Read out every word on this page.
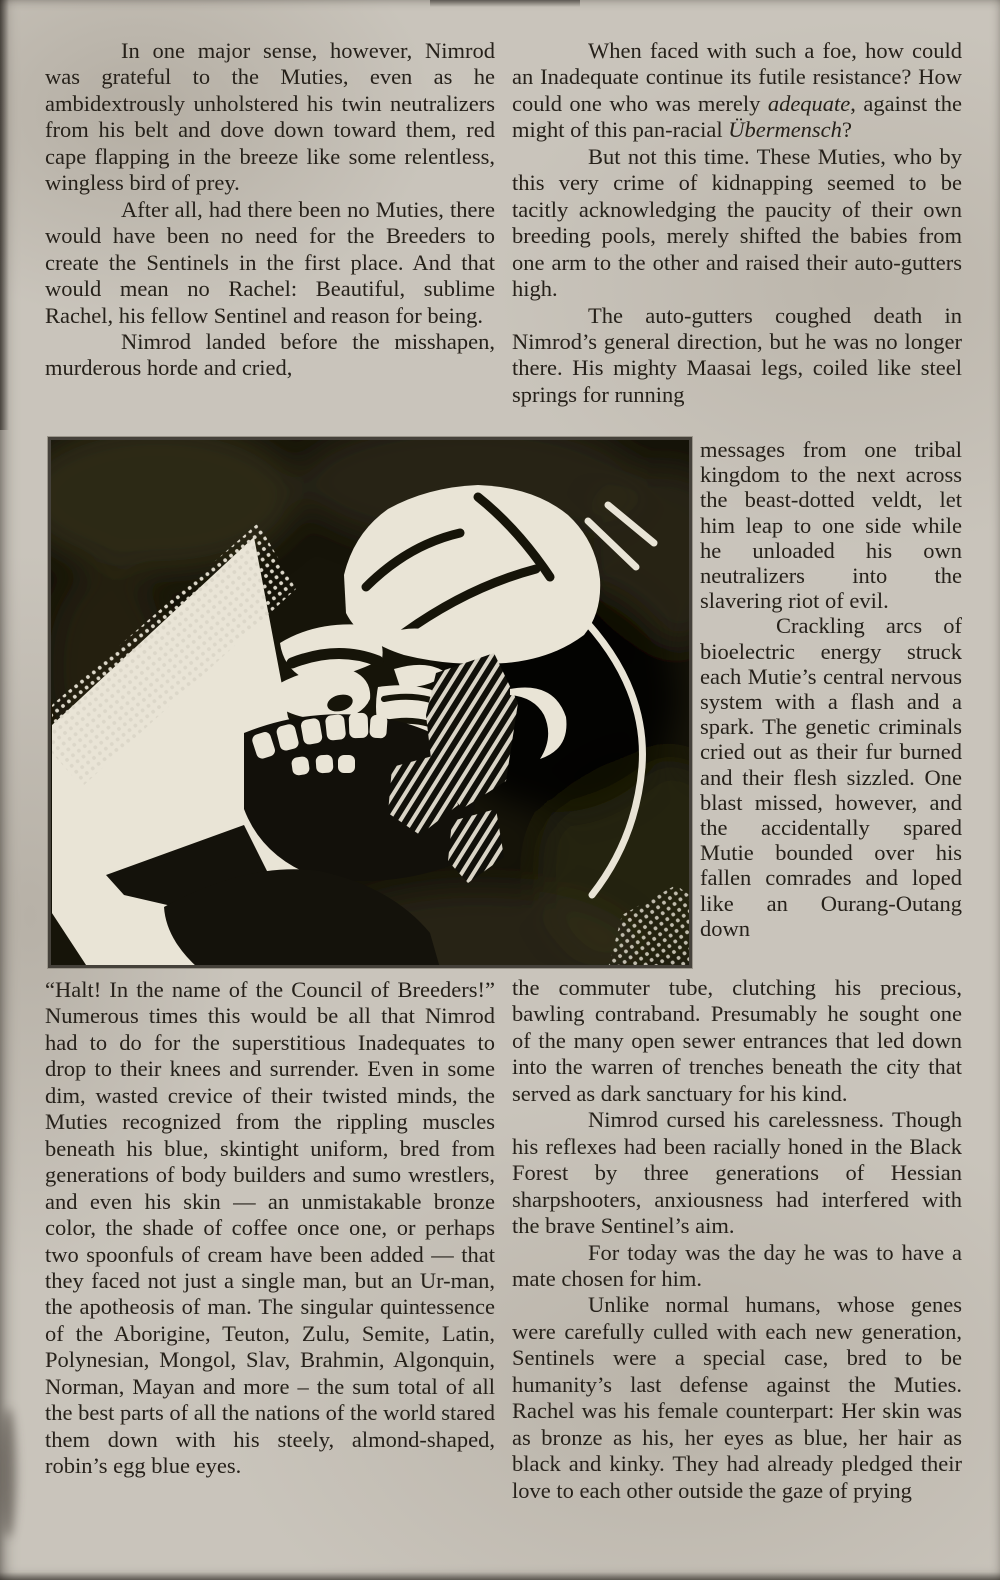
In one major sense, however, Nimrod was grateful to the Muties, even as he ambidextrously unholstered his twin neutralizers from his belt and dove down toward them, red cape flapping in the breeze like some relentless, wingless bird of prey.

After all, had there been no Muties, there would have been no need for the Breeders to create the Sentinels in the first place. And that would mean no Rachel: Beautiful, sublime Rachel, his fellow Sentinel and reason for being.

Nimrod landed before the misshapen, murderous horde and cried,

When faced with such a foe, how could an Inadequate continue its futile resistance? How could one who was merely adequate, against the might of this pan-racial Übermensch?

But not this time. These Muties, who by this very crime of kidnapping seemed to be tacitly acknowledging the paucity of their own breeding pools, merely shifted the babies from one arm to the other and raised their auto-gutters high.

The auto-gutters coughed death in Nimrod’s general direction, but he was no longer there. His mighty Maasai legs, coiled like steel springs for running

messages from one tribal kingdom to the next across the beast-dotted veldt, let him leap to one side while he unloaded his own neutralizers into the slavering riot of evil.

Crackling arcs of bioelectric energy struck each Mutie’s central nervous system with a flash and a spark. The genetic criminals cried out as their fur burned and their flesh sizzled. One blast missed, however, and the accidentally spared Mutie bounded over his fallen comrades and loped like an Ourang-Outang down

“Halt! In the name of the Council of Breeders!” Numerous times this would be all that Nimrod had to do for the superstitious Inadequates to drop to their knees and surrender. Even in some dim, wasted crevice of their twisted minds, the Muties recognized from the rippling muscles beneath his blue, skintight uniform, bred from generations of body builders and sumo wrestlers, and even his skin — an unmistakable bronze color, the shade of coffee once one, or perhaps two spoonfuls of cream have been added — that they faced not just a single man, but an Ur-man, the apotheosis of man. The singular quintessence of the Aborigine, Teuton, Zulu, Semite, Latin, Polynesian, Mongol, Slav, Brahmin, Algonquin, Norman, Mayan and more – the sum total of all the best parts of all the nations of the world stared them down with his steely, almond-shaped, robin’s egg blue eyes.

the commuter tube, clutching his precious, bawling contraband. Presumably he sought one of the many open sewer entrances that led down into the warren of trenches beneath the city that served as dark sanctuary for his kind.

Nimrod cursed his carelessness. Though his reflexes had been racially honed in the Black Forest by three generations of Hessian sharpshooters, anxiousness had interfered with the brave Sentinel’s aim.

For today was the day he was to have a mate chosen for him.

Unlike normal humans, whose genes were carefully culled with each new generation, Sentinels were a special case, bred to be humanity’s last defense against the Muties. Rachel was his female counterpart: Her skin was as bronze as his, her eyes as blue, her hair as black and kinky. They had already pledged their love to each other outside the gaze of prying
